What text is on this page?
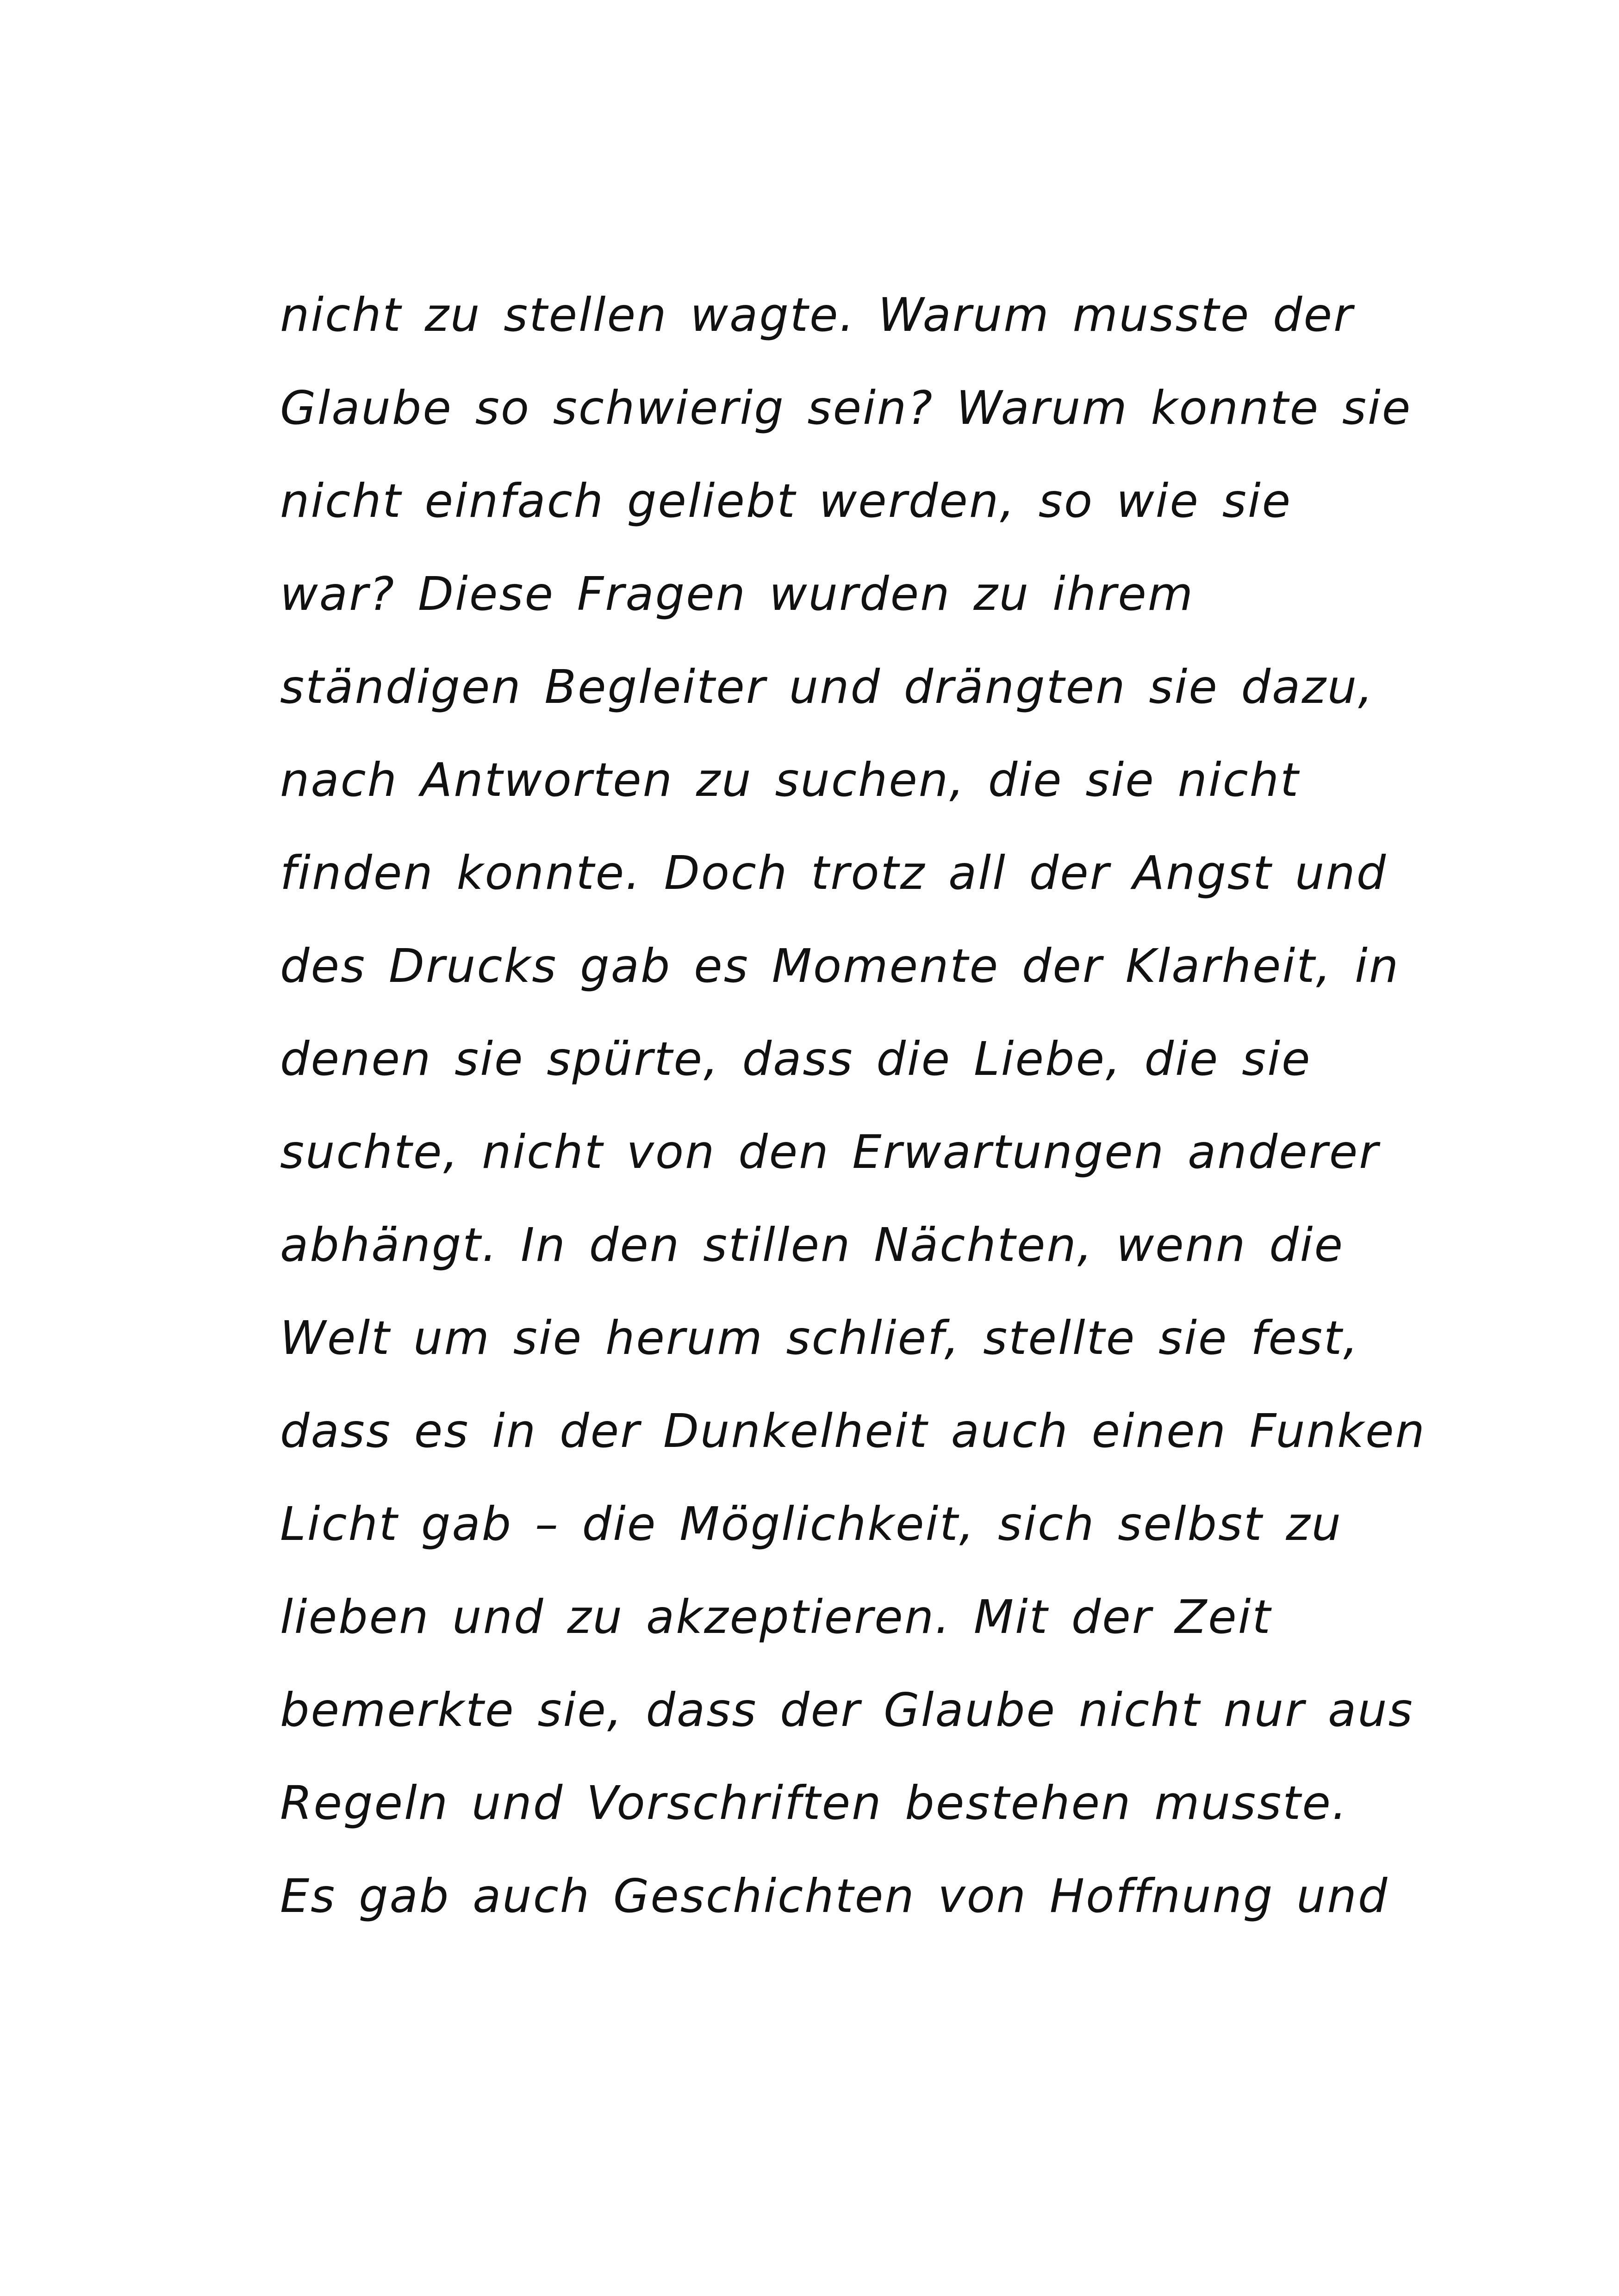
nicht zu stellen wagte. Warum musste der
Glaube so schwierig sein? Warum konnte sie
nicht einfach geliebt werden, so wie sie
war? Diese Fragen wurden zu ihrem
ständigen Begleiter und drängten sie dazu,
nach Antworten zu suchen, die sie nicht
finden konnte. Doch trotz all der Angst und
des Drucks gab es Momente der Klarheit, in
denen sie spürte, dass die Liebe, die sie
suchte, nicht von den Erwartungen anderer
abhängt. In den stillen Nächten, wenn die
Welt um sie herum schlief, stellte sie fest,
dass es in der Dunkelheit auch einen Funken
Licht gab – die Möglichkeit, sich selbst zu
lieben und zu akzeptieren. Mit der Zeit
bemerkte sie, dass der Glaube nicht nur aus
Regeln und Vorschriften bestehen musste.
Es gab auch Geschichten von Hoffnung und
